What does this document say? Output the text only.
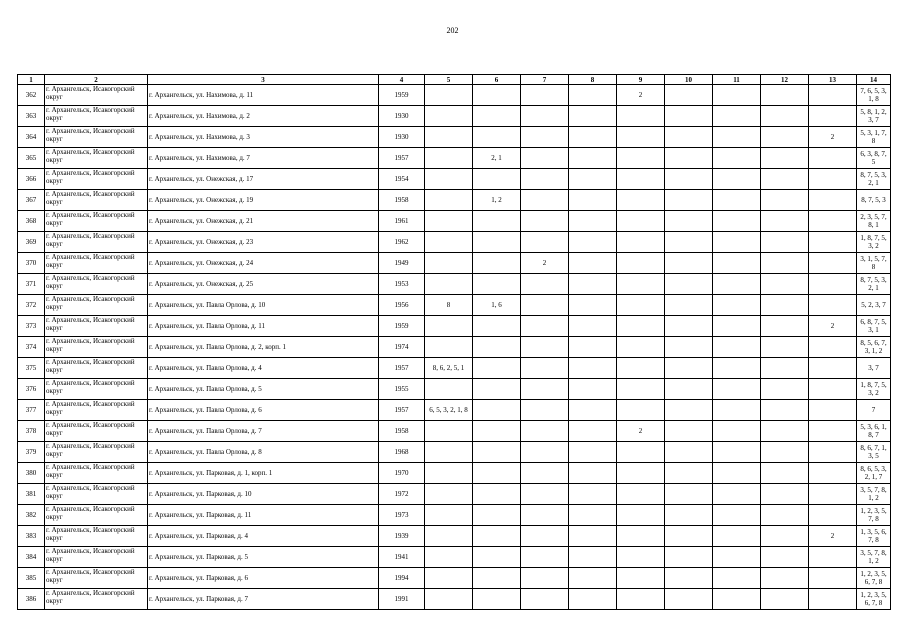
202
1	2	3	4	5	6	7	8	9	10	11	12	13	14
362	г. Архангельск, Исакогорский округ	г. Архангельск, ул. Нахимова, д. 11	1959					2					7, 6, 5, 3, 1, 8
363	г. Архангельск, Исакогорский округ	г. Архангельск, ул. Нахимова, д. 2	1930										5, 8, 1, 2, 3, 7
364	г. Архангельск, Исакогорский округ	г. Архангельск, ул. Нахимова, д. 3	1930									2	5, 3, 1, 7, 8
365	г. Архангельск, Исакогорский округ	г. Архангельск, ул. Нахимова, д. 7	1957		2, 1								6, 3, 8, 7, 5
366	г. Архангельск, Исакогорский округ	г. Архангельск, ул. Онежская, д. 17	1954										8, 7, 5, 3, 2, 1
367	г. Архангельск, Исакогорский округ	г. Архангельск, ул. Онежская, д. 19	1958		1, 2								8, 7, 5, 3
368	г. Архангельск, Исакогорский округ	г. Архангельск, ул. Онежская, д. 21	1961										2, 3, 5, 7, 8, 1
369	г. Архангельск, Исакогорский округ	г. Архангельск, ул. Онежская, д. 23	1962										1, 8, 7, 5, 3, 2
370	г. Архангельск, Исакогорский округ	г. Архангельск, ул. Онежская, д. 24	1949			2							3, 1, 5, 7, 8
371	г. Архангельск, Исакогорский округ	г. Архангельск, ул. Онежская, д. 25	1953										8, 7, 5, 3, 2, 1
372	г. Архангельск, Исакогорский округ	г. Архангельск, ул. Павла Орлова, д. 10	1956	8	1, 6								5, 2, 3, 7
373	г. Архангельск, Исакогорский округ	г. Архангельск, ул. Павла Орлова, д. 11	1959									2	6, 8, 7, 5, 3, 1
374	г. Архангельск, Исакогорский округ	г. Архангельск, ул. Павла Орлова, д. 2, корп. 1	1974										8, 5, 6, 7, 3, 1, 2
375	г. Архангельск, Исакогорский округ	г. Архангельск, ул. Павла Орлова, д. 4	1957	8, 6, 2, 5, 1									3, 7
376	г. Архангельск, Исакогорский округ	г. Архангельск, ул. Павла Орлова, д. 5	1955										1, 8, 7, 5, 3, 2
377	г. Архангельск, Исакогорский округ	г. Архангельск, ул. Павла Орлова, д. 6	1957	6, 5, 3, 2, 1, 8									7
378	г. Архангельск, Исакогорский округ	г. Архангельск, ул. Павла Орлова, д. 7	1958					2					5, 3, 6, 1, 8, 7
379	г. Архангельск, Исакогорский округ	г. Архангельск, ул. Павла Орлова, д. 8	1968										8, 6, 7, 1, 3, 5
380	г. Архангельск, Исакогорский округ	г. Архангельск, ул. Парковая, д. 1, корп. 1	1970										8, 6, 5, 3, 2, 1, 7
381	г. Архангельск, Исакогорский округ	г. Архангельск, ул. Парковая, д. 10	1972										3, 5, 7, 8, 1, 2
382	г. Архангельск, Исакогорский округ	г. Архангельск, ул. Парковая, д. 11	1973										1, 2, 3, 5, 7, 8
383	г. Архангельск, Исакогорский округ	г. Архангельск, ул. Парковая, д. 4	1939									2	1, 3, 5, 6, 7, 8
384	г. Архангельск, Исакогорский округ	г. Архангельск, ул. Парковая, д. 5	1941										3, 5, 7, 8, 1, 2
385	г. Архангельск, Исакогорский округ	г. Архангельск, ул. Парковая, д. 6	1994										1, 2, 3, 5, 6, 7, 8
386	г. Архангельск, Исакогорский округ	г. Архангельск, ул. Парковая, д. 7	1991										1, 2, 3, 5, 6, 7, 8
